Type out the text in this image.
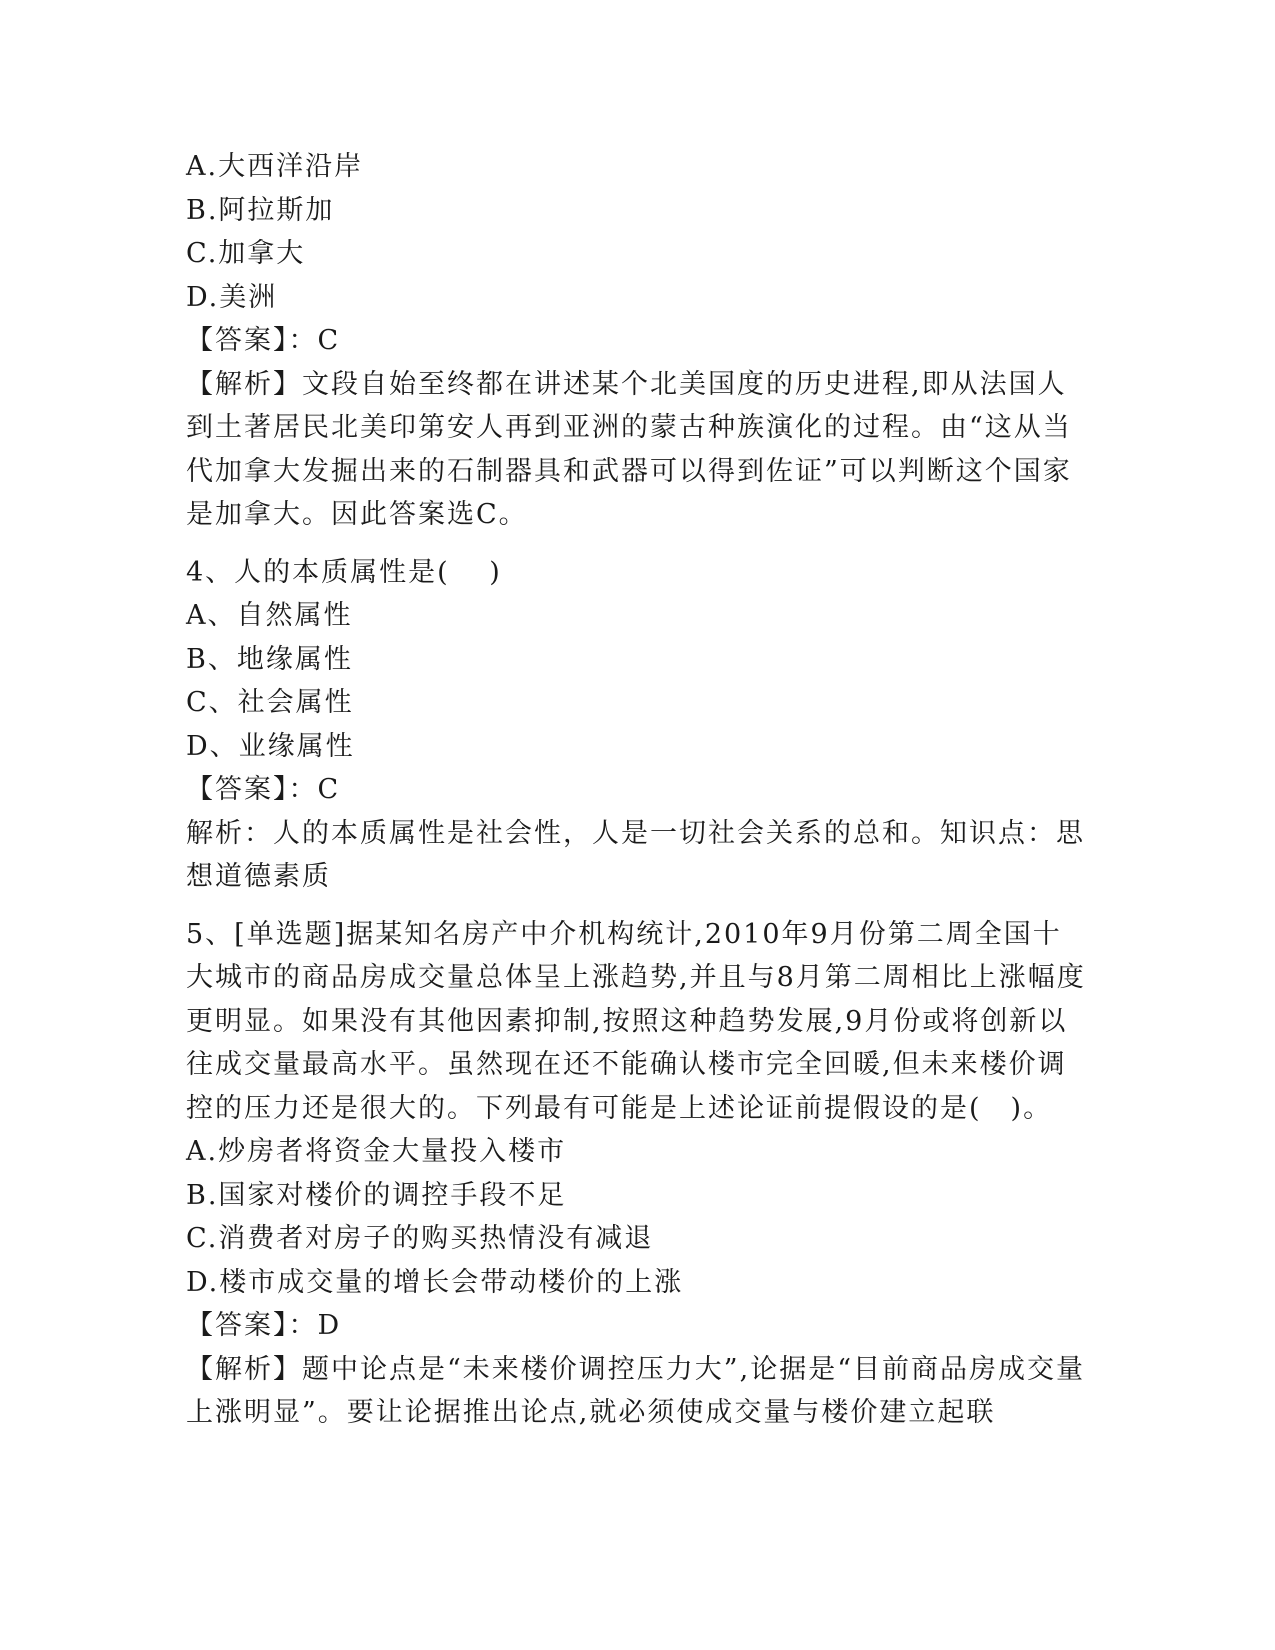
A.大西洋沿岸
B.阿拉斯加
C.加拿大
D.美洲
【答案】：C
【解析】文段自始至终都在讲述某个北美国度的历史进程,即从法国人到土著居民北美印第安人再到亚洲的蒙古种族演化的过程。由“这从当代加拿大发掘出来的石制器具和武器可以得到佐证”可以判断这个国家是加拿大。因此答案选C。
4、人的本质属性是(　 )
A、自然属性
B、地缘属性
C、社会属性
D、业缘属性
【答案】：C
解析：人的本质属性是社会性，人是一切社会关系的总和。知识点：思想道德素质
5、[单选题]据某知名房产中介机构统计,2010年9月份第二周全国十大城市的商品房成交量总体呈上涨趋势,并且与8月第二周相比上涨幅度更明显。如果没有其他因素抑制,按照这种趋势发展,9月份或将创新以往成交量最高水平。虽然现在还不能确认楼市完全回暖,但未来楼价调控的压力还是很大的。下列最有可能是上述论证前提假设的是(　)。
A.炒房者将资金大量投入楼市
B.国家对楼价的调控手段不足
C.消费者对房子的购买热情没有减退
D.楼市成交量的增长会带动楼价的上涨
【答案】：D
【解析】题中论点是“未来楼价调控压力大”,论据是“目前商品房成交量上涨明显”。要让论据推出论点,就必须使成交量与楼价建立起联
